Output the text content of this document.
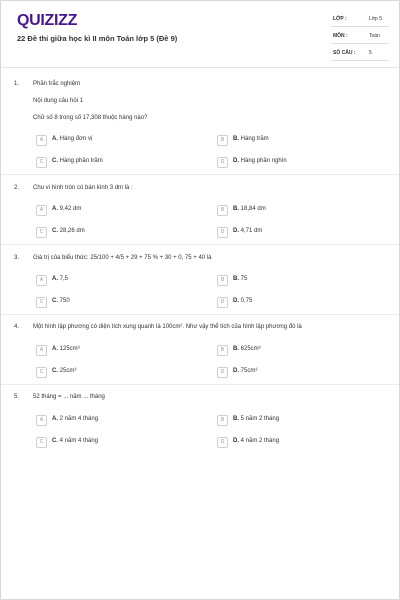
QUIZIZZ
22 Đề thi giữa học kì II môn Toán lớp 5 (Đề 9)
LỚP :	Lớp 5
MÔN :	Toán
SỐ CÂU :	5
1. Phần trắc nghiệm
Nội dung câu hỏi 1
Chữ số 8 trong số 17,308 thuộc hàng nào?
A	A. Hàng đơn vị	B	B. Hàng trăm
C	C. Hàng phần trăm	D	D. Hàng phần nghìn
2. Chu vi hình tròn có bán kính 3 dm là :
A	A. 9,42 dm	B	B. 18,84 dm
C	C. 28,26 dm	D	D. 4,71 dm
3. Giá trị của biểu thức: 25/100 + 4/5 + 29 + 75 % + 30 + 0, 75 + 40 là
A	A. 7,5	B	B. 75
C	C. 750	D	D. 0,75
4. Một hình lập phương có diện tích xung quanh là 100cm². Như vậy thể tích của hình lập phương đó là
A	A. 125cm³	B	B. 625cm³
C	C. 25cm³	D	D. 75cm³
5. 52 tháng = ... năm ... tháng
A	A. 2 năm 4 tháng	B	B. 5 năm 2 tháng
C	C. 4 năm 4 tháng	D	D. 4 năm 2 tháng
